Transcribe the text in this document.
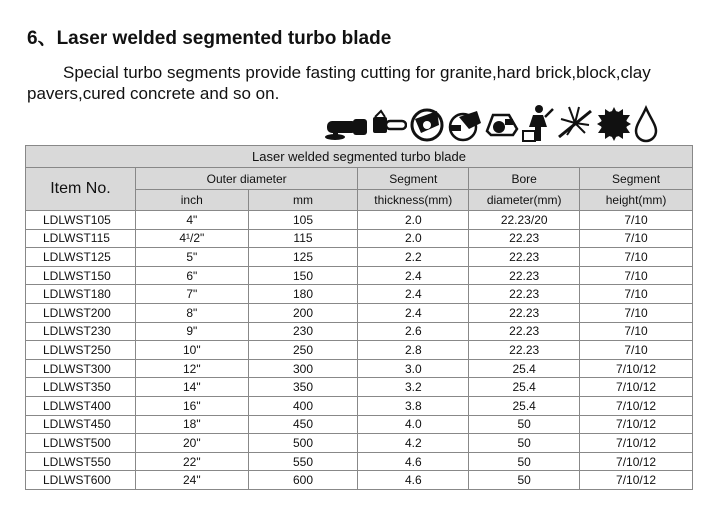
6、Laser welded segmented turbo blade
Special turbo segments provide fasting cutting for granite,hard brick,block,clay pavers,cured concrete and so on.
Laser welded segmented turbo blade					
Item No.	Outer diameter		Segment	Bore	Segment
	inch	mm	thickness(mm)	diameter(mm)	height(mm)
LDLWST105	4"	105	2.0	22.23/20	7/10
LDLWST115	4¹/2"	115	2.0	22.23	7/10
LDLWST125	5"	125	2.2	22.23	7/10
LDLWST150	6"	150	2.4	22.23	7/10
LDLWST180	7"	180	2.4	22.23	7/10
LDLWST200	8"	200	2.4	22.23	7/10
LDLWST230	9"	230	2.6	22.23	7/10
LDLWST250	10"	250	2.8	22.23	7/10
LDLWST300	12"	300	3.0	25.4	7/10/12
LDLWST350	14"	350	3.2	25.4	7/10/12
LDLWST400	16"	400	3.8	25.4	7/10/12
LDLWST450	18"	450	4.0	50	7/10/12
LDLWST500	20"	500	4.2	50	7/10/12
LDLWST550	22"	550	4.6	50	7/10/12
LDLWST600	24"	600	4.6	50	7/10/12
